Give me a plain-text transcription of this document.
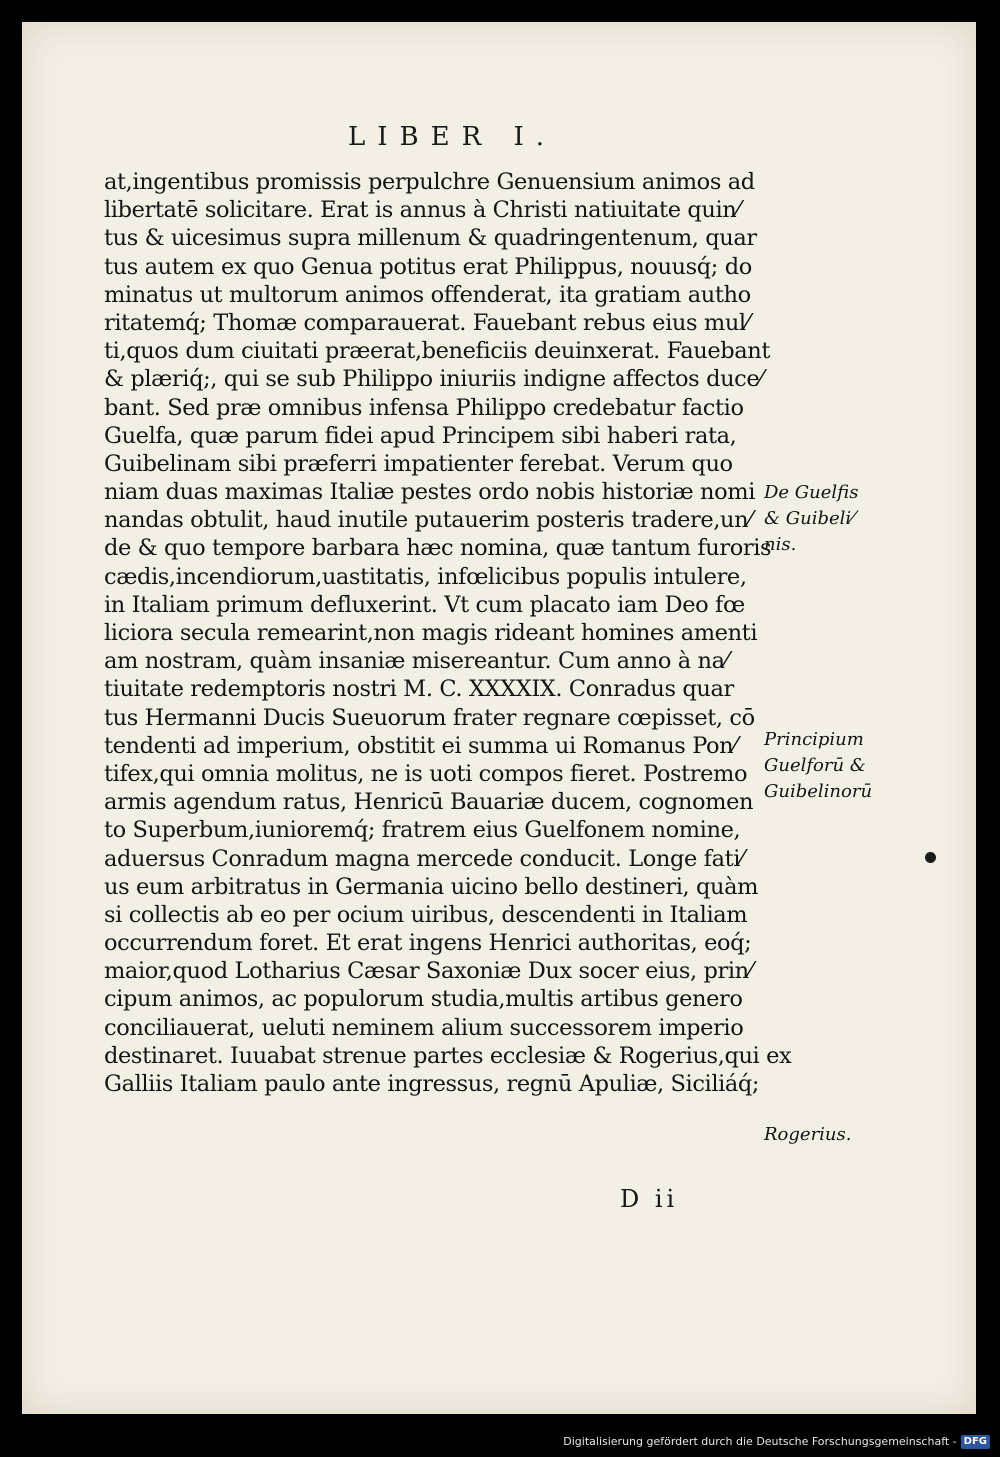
LIBER I.
at,ingentibus promissis perpulchre Genuensium animos ad
libertatē solicitare. Erat is annus à Christi natiuitate quin⁄
tus & uicesimus supra millenum & quadringentenum, quar
tus autem ex quo Genua potitus erat Philippus, nouusq́; do
minatus ut multorum animos offenderat, ita gratiam autho
ritatemq́; Thomæ comparauerat. Fauebant rebus eius mul⁄
ti,quos dum ciuitati præerat,beneficiis deuinxerat. Fauebant
& plæriq́;, qui se sub Philippo iniuriis indigne affectos duce⁄
bant. Sed præ omnibus infensa Philippo credebatur factio
Guelfa, quæ parum fidei apud Principem sibi haberi rata,
Guibelinam sibi præferri impatienter ferebat. Verum quo
niam duas maximas Italiæ pestes ordo nobis historiæ nomi
nandas obtulit, haud inutile putauerim posteris tradere,un⁄
de & quo tempore barbara hæc nomina, quæ tantum furoris
cædis,incendiorum,uastitatis, infœlicibus populis intulere,
in Italiam primum defluxerint. Vt cum placato iam Deo fœ
liciora secula remearint,non magis rideant homines amenti
am nostram, quàm insaniæ misereantur. Cum anno à na⁄
tiuitate redemptoris nostri M. C. XXXXIX. Conradus quar
tus Hermanni Ducis Sueuorum frater regnare cœpisset, cō
tendenti ad imperium, obstitit ei summa ui Romanus Pon⁄
tifex,qui omnia molitus, ne is uoti compos fieret. Postremo
armis agendum ratus, Henricū Bauariæ ducem, cognomen
to Superbum,iunioremq́; fratrem eius Guelfonem nomine,
aduersus Conradum magna mercede conducit. Longe fati⁄
us eum arbitratus in Germania uicino bello destineri, quàm
si collectis ab eo per ocium uiribus, descendenti in Italiam
occurrendum foret. Et erat ingens Henrici authoritas, eoq́;
maior,quod Lotharius Cæsar Saxoniæ Dux socer eius, prin⁄
cipum animos, ac populorum studia,multis artibus genero
conciliauerat, ueluti neminem alium successorem imperio
destinaret. Iuuabat strenue partes ecclesiæ & Rogerius,qui ex
Galliis Italiam paulo ante ingressus, regnū Apuliæ, Siciliáq́;
De Guelfis
& Guibeli⁄
nis.
Principium
Guelforū &
Guibelinorū
Rogerius.
D ii
Digitalisierung gefördert durch die Deutsche Forschungsgemeinschaft - DFG
